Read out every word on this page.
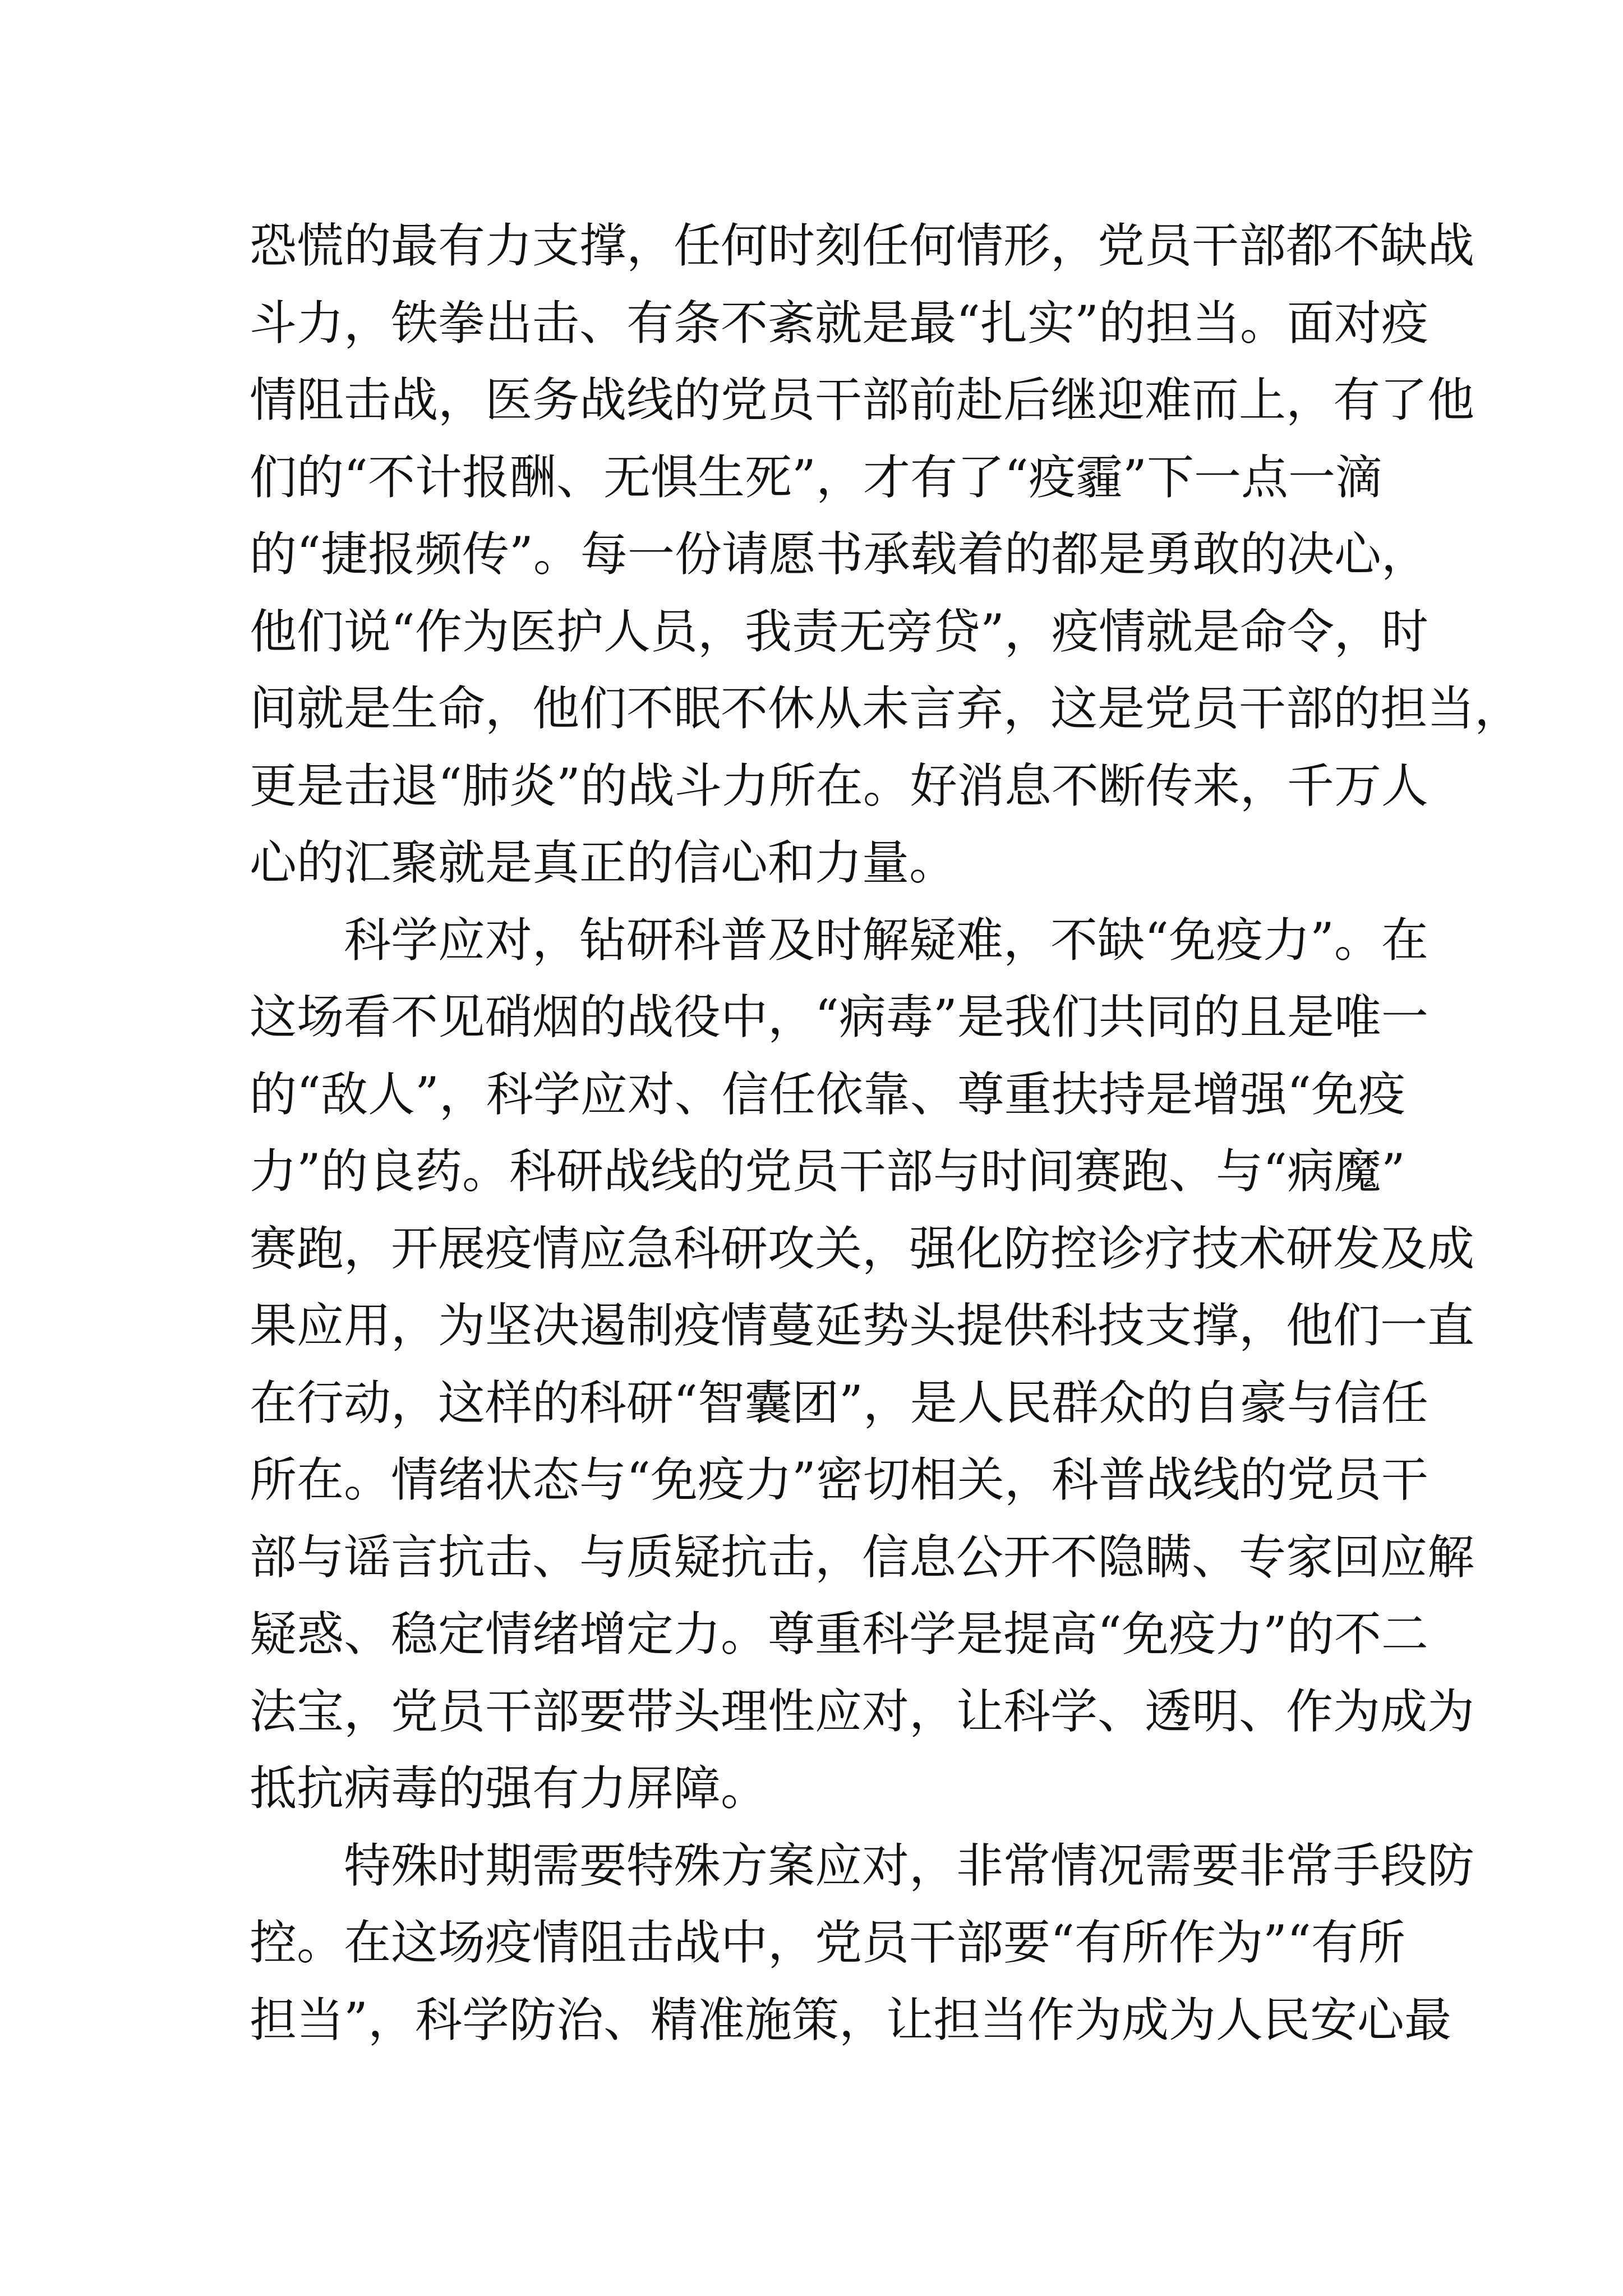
恐慌的最有力支撑，任何时刻任何情形，党员干部都不缺战
斗力，铁拳出击、有条不紊就是最“扎实”的担当。面对疫
情阻击战，医务战线的党员干部前赴后继迎难而上，有了他
们的“不计报酬、无惧生死”，才有了“疫霾”下一点一滴
的“捷报频传”。每一份请愿书承载着的都是勇敢的决心，
他们说“作为医护人员，我责无旁贷”，疫情就是命令，时
间就是生命，他们不眠不休从未言弃，这是党员干部的担当，
更是击退“肺炎”的战斗力所在。好消息不断传来，千万人
心的汇聚就是真正的信心和力量。
科学应对，钻研科普及时解疑难，不缺“免疫力”。在
这场看不见硝烟的战役中，“病毒”是我们共同的且是唯一
的“敌人”，科学应对、信任依靠、尊重扶持是增强“免疫
力”的良药。科研战线的党员干部与时间赛跑、与“病魔”
赛跑，开展疫情应急科研攻关，强化防控诊疗技术研发及成
果应用，为坚决遏制疫情蔓延势头提供科技支撑，他们一直
在行动，这样的科研“智囊团”，是人民群众的自豪与信任
所在。情绪状态与“免疫力”密切相关，科普战线的党员干
部与谣言抗击、与质疑抗击，信息公开不隐瞒、专家回应解
疑惑、稳定情绪增定力。尊重科学是提高“免疫力”的不二
法宝，党员干部要带头理性应对，让科学、透明、作为成为
抵抗病毒的强有力屏障。
特殊时期需要特殊方案应对，非常情况需要非常手段防
控。在这场疫情阻击战中，党员干部要“有所作为”“有所
担当”，科学防治、精准施策，让担当作为成为人民安心最
